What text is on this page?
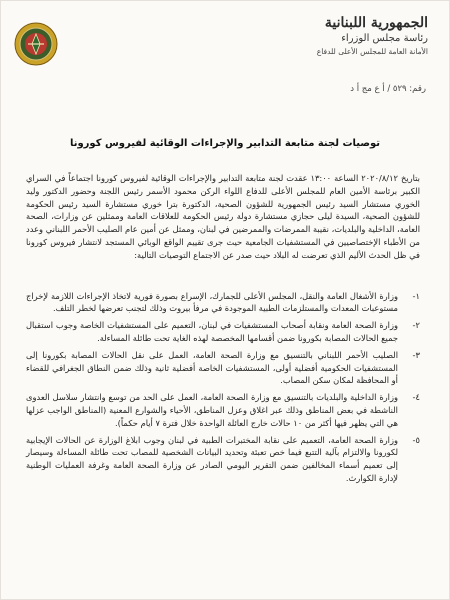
الجمهورية اللبنانية
رئاسة مجلس الوزراء
الأمانة العامة للمجلس الأعلى للدفاع
رقم: ٥٢٩ / أ ع مج أ د
توصيات لجنة متابعة التدابير والإجراءات الوقائية لفيروس كورونا

بتاريخ ٢٠٢٠/٨/١٢ الساعة ١٣:٠٠ عقدت لجنة متابعة التدابير والإجراءات الوقائية لفيروس كورونا اجتماعاً في السراي الكبير برئاسة الأمين العام للمجلس الأعلى للدفاع اللواء الركن محمود الأسمر رئيس اللجنة وحضور الدكتور وليد الخوري مستشار السيد رئيس الجمهورية للشؤون الصحية، الدكتورة بترا خوري مستشارة السيد رئيس الحكومة للشؤون الصحية، السيدة ليلى حجازي مستشارة دولة رئيس الحكومة للعلاقات العامة وممثلين عن وزارات، الصحة العامة، الداخلية والبلديات، نقيبة الممرضات والممرضين في لبنان، وممثل عن أمين عام الصليب الأحمر اللبناني وعدد من الأطباء الإختصاصيين في المستشفيات الجامعية حيث جرى تقييم الواقع الوبائي المستجد لانتشار فيروس كورونا في ظل الحدث الأليم الذي تعرضت له البلاد حيث صدر عن الاجتماع التوصيات التالية:

١-
وزارة الأشغال العامة والنقل، المجلس الأعلى للجمارك، الإسراع بصورة فورية لاتخاذ الإجراءات اللازمة لإخراج مستوعبات المعدات والمستلزمات الطبية الموجودة في مرفأ بيروت وذلك لتجنب تعرضها لخطر التلف.
٢-
وزارة الصحة العامة ونقابة أصحاب المستشفيات في لبنان، التعميم على المستشفيات الخاصة وجوب استقبال جميع الحالات المصابة بكورونا ضمن أقسامها المخصصة لهذه الغاية تحت طائلة المساءلة.
٣-
الصليب الأحمر اللبناني بالتنسيق مع وزارة الصحة العامة، العمل على نقل الحالات المصابة بكورونا إلى المستشفيات الحكومية أفضلية أولى، المستشفيات الخاصة أفضلية ثانية وذلك ضمن النطاق الجغرافي للقضاء أو المحافظة لمكان سكن المصاب.
٤-
وزارة الداخلية والبلديات بالتنسيق مع وزارة الصحة العامة، العمل على الحد من توسع وانتشار سلاسل العدوى الناشطة في بعض المناطق وذلك عبر اغلاق وعزل المناطق، الأحياء والشوارع المعنية (المناطق الواجب عزلها هي التي يظهر فيها أكثر من ١٠ حالات خارج العائلة الواحدة خلال فترة ٧ أيام حكماً).
٥-
وزارة الصحة العامة، التعميم على نقابة المختبرات الطبية في لبنان وجوب ابلاغ الوزارة عن الحالات الإيجابية لكورونا والالتزام بآلية التتبع فيما خص تعبئة وتحديد البيانات الشخصية للمصاب تحت طائلة المساءلة وسيصار إلى تعميم أسماء المخالفين ضمن التقرير اليومي الصادر عن وزارة الصحة العامة وغرفة العمليات الوطنية لإدارة الكوارث.
